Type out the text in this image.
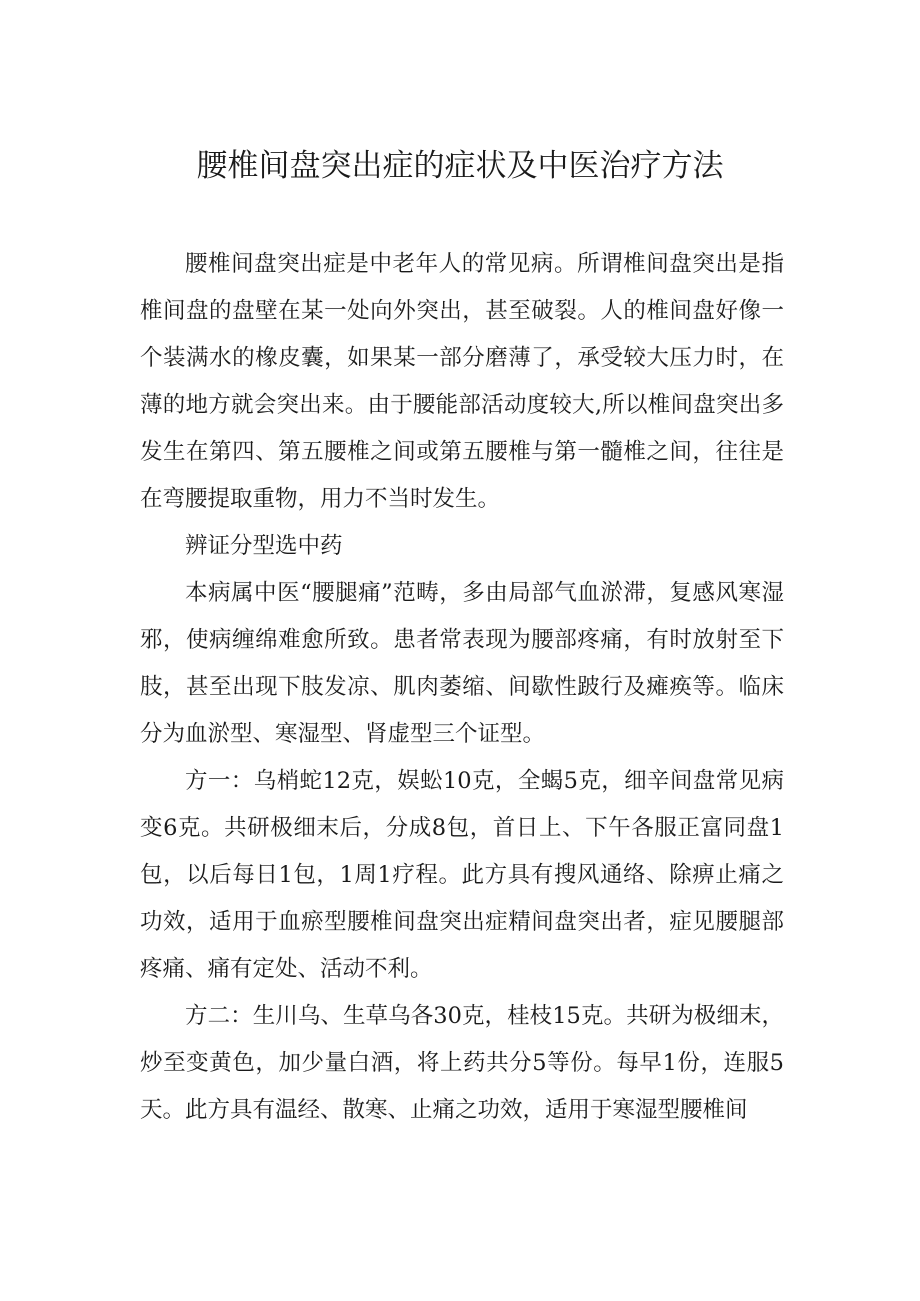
腰椎间盘突出症的症状及中医治疗方法

腰椎间盘突出症是中老年人的常见病。所谓椎间盘突出是指椎间盘的盘壁在某一处向外突出，甚至破裂。人的椎间盘好像一个装满水的橡皮囊，如果某一部分磨薄了，承受较大压力时，在薄的地方就会突出来。由于腰能部活动度较大,所以椎间盘突出多发生在第四、第五腰椎之间或第五腰椎与第一髓椎之间，往往是在弯腰提取重物，用力不当时发生。

辨证分型选中药

本病属中医“腰腿痛”范畴，多由局部气血淤滞，复感风寒湿邪，使病缠绵难愈所致。患者常表现为腰部疼痛，有时放射至下肢，甚至出现下肢发凉、肌肉萎缩、间歇性跛行及瘫痪等。临床分为血淤型、寒湿型、肾虚型三个证型。

方一：乌梢蛇12克，娱蚣10克，全蝎5克，细辛间盘常见病变6克。共研极细末后，分成8包，首日上、下午各服正富同盘1包，以后每日1包，1周1疗程。此方具有搜风通络、除痹止痛之功效，适用于血瘀型腰椎间盘突出症精间盘突出者，症见腰腿部疼痛、痛有定处、活动不利。

方二：生川乌、生草乌各30克，桂枝15克。共研为极细末，炒至变黄色，加少量白酒，将上药共分5等份。每早1份，连服5天。此方具有温经、散寒、止痛之功效，适用于寒湿型腰椎间
